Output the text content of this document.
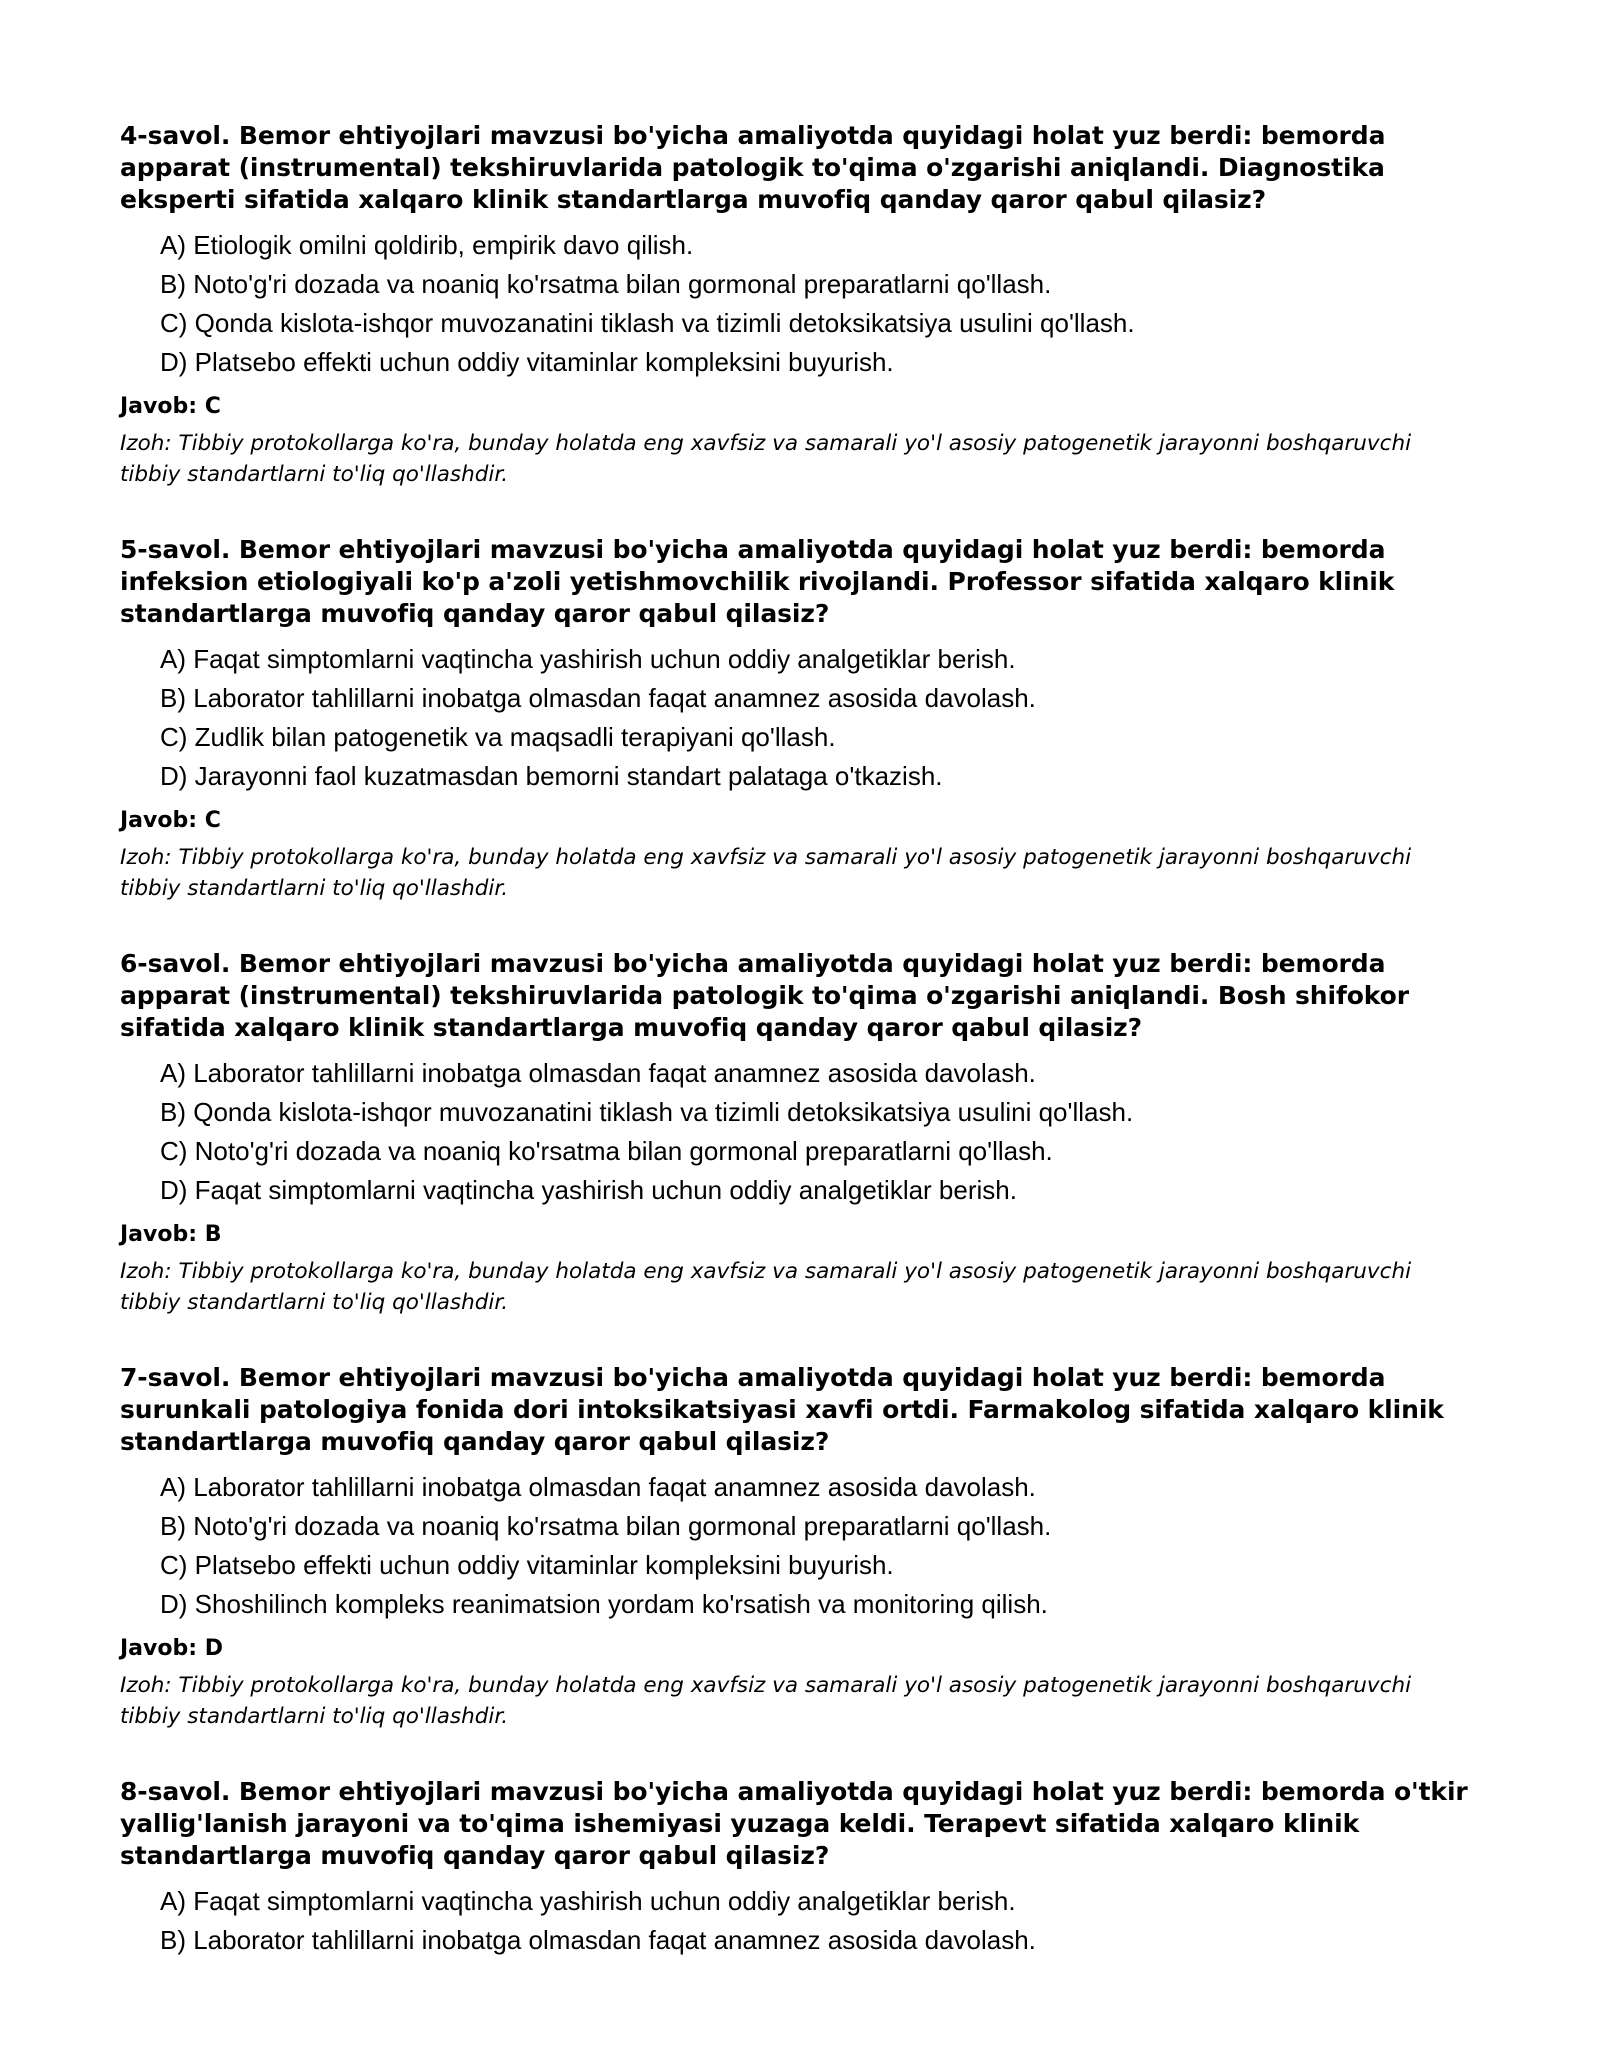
4-savol. Bemor ehtiyojlari mavzusi bo'yicha amaliyotda quyidagi holat yuz berdi: bemorda apparat (instrumental) tekshiruvlarida patologik to'qima o'zgarishi aniqlandi. Diagnostika eksperti sifatida xalqaro klinik standartlarga muvofiq qanday qaror qabul qilasiz?

A) Etiologik omilni qoldirib, empirik davo qilish.
B) Noto'g'ri dozada va noaniq ko'rsatma bilan gormonal preparatlarni qo'llash.
C) Qonda kislota-ishqor muvozanatini tiklash va tizimli detoksikatsiya usulini qo'llash.
D) Platsebo effekti uchun oddiy vitaminlar kompleksini buyurish.

Javob: C

Izoh: Tibbiy protokollarga ko'ra, bunday holatda eng xavfsiz va samarali yo'l asosiy patogenetik jarayonni boshqaruvchi tibbiy standartlarni to'liq qo'llashdir.

5-savol. Bemor ehtiyojlari mavzusi bo'yicha amaliyotda quyidagi holat yuz berdi: bemorda infeksion etiologiyali ko'p a'zoli yetishmovchilik rivojlandi. Professor sifatida xalqaro klinik standartlarga muvofiq qanday qaror qabul qilasiz?

A) Faqat simptomlarni vaqtincha yashirish uchun oddiy analgetiklar berish.
B) Laborator tahlillarni inobatga olmasdan faqat anamnez asosida davolash.
C) Zudlik bilan patogenetik va maqsadli terapiyani qo'llash.
D) Jarayonni faol kuzatmasdan bemorni standart palataga o'tkazish.

Javob: C

Izoh: Tibbiy protokollarga ko'ra, bunday holatda eng xavfsiz va samarali yo'l asosiy patogenetik jarayonni boshqaruvchi tibbiy standartlarni to'liq qo'llashdir.

6-savol. Bemor ehtiyojlari mavzusi bo'yicha amaliyotda quyidagi holat yuz berdi: bemorda apparat (instrumental) tekshiruvlarida patologik to'qima o'zgarishi aniqlandi. Bosh shifokor sifatida xalqaro klinik standartlarga muvofiq qanday qaror qabul qilasiz?

A) Laborator tahlillarni inobatga olmasdan faqat anamnez asosida davolash.
B) Qonda kislota-ishqor muvozanatini tiklash va tizimli detoksikatsiya usulini qo'llash.
C) Noto'g'ri dozada va noaniq ko'rsatma bilan gormonal preparatlarni qo'llash.
D) Faqat simptomlarni vaqtincha yashirish uchun oddiy analgetiklar berish.

Javob: B

Izoh: Tibbiy protokollarga ko'ra, bunday holatda eng xavfsiz va samarali yo'l asosiy patogenetik jarayonni boshqaruvchi tibbiy standartlarni to'liq qo'llashdir.

7-savol. Bemor ehtiyojlari mavzusi bo'yicha amaliyotda quyidagi holat yuz berdi: bemorda surunkali patologiya fonida dori intoksikatsiyasi xavfi ortdi. Farmakolog sifatida xalqaro klinik standartlarga muvofiq qanday qaror qabul qilasiz?

A) Laborator tahlillarni inobatga olmasdan faqat anamnez asosida davolash.
B) Noto'g'ri dozada va noaniq ko'rsatma bilan gormonal preparatlarni qo'llash.
C) Platsebo effekti uchun oddiy vitaminlar kompleksini buyurish.
D) Shoshilinch kompleks reanimatsion yordam ko'rsatish va monitoring qilish.

Javob: D

Izoh: Tibbiy protokollarga ko'ra, bunday holatda eng xavfsiz va samarali yo'l asosiy patogenetik jarayonni boshqaruvchi tibbiy standartlarni to'liq qo'llashdir.

8-savol. Bemor ehtiyojlari mavzusi bo'yicha amaliyotda quyidagi holat yuz berdi: bemorda o'tkir yallig'lanish jarayoni va to'qima ishemiyasi yuzaga keldi. Terapevt sifatida xalqaro klinik standartlarga muvofiq qanday qaror qabul qilasiz?

A) Faqat simptomlarni vaqtincha yashirish uchun oddiy analgetiklar berish.
B) Laborator tahlillarni inobatga olmasdan faqat anamnez asosida davolash.
